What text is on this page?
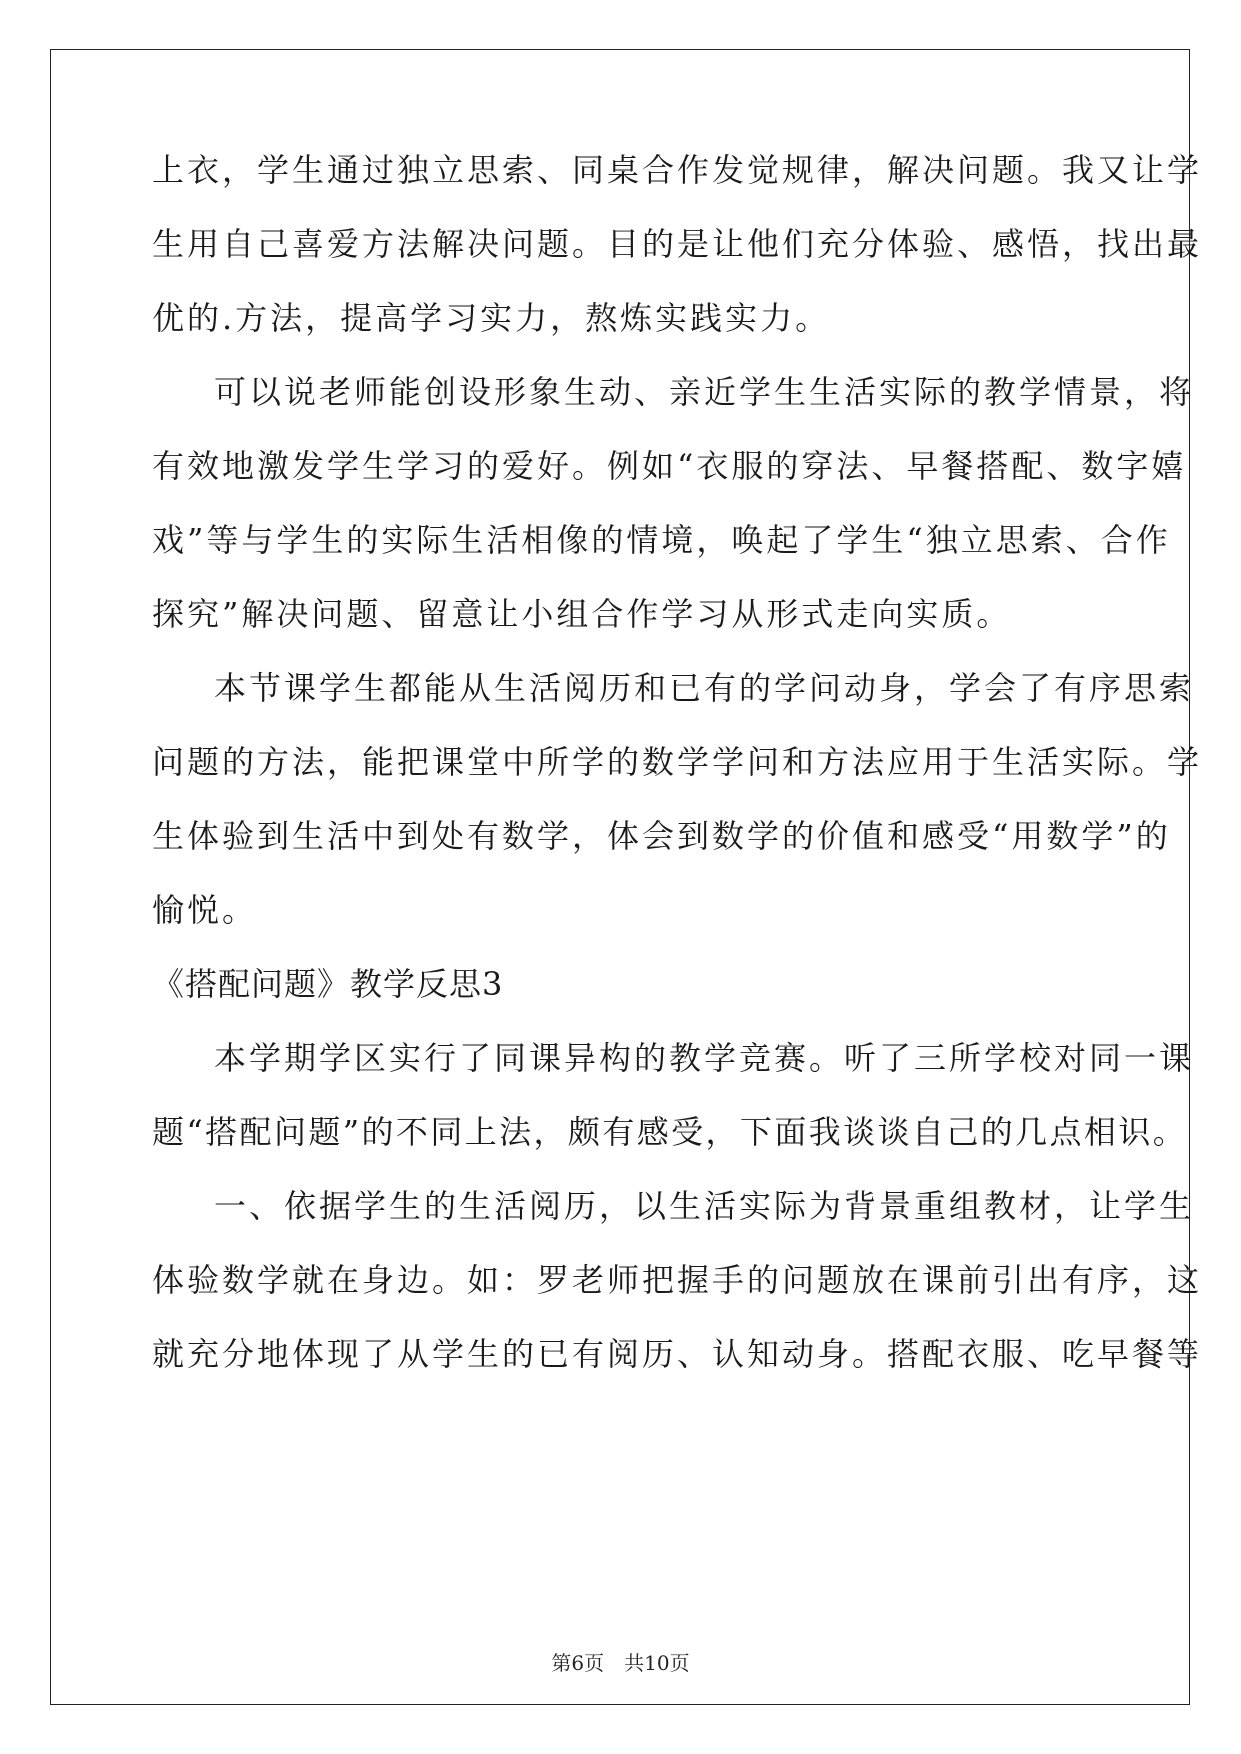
上衣，学生通过独立思索、同桌合作发觉规律，解决问题。我又让学
生用自己喜爱方法解决问题。目的是让他们充分体验、感悟，找出最
优的.方法，提高学习实力，熬炼实践实力。
可以说老师能创设形象生动、亲近学生生活实际的教学情景，将
有效地激发学生学习的爱好。例如“衣服的穿法、早餐搭配、数字嬉
戏”等与学生的实际生活相像的情境，唤起了学生“独立思索、合作
探究”解决问题、留意让小组合作学习从形式走向实质。
本节课学生都能从生活阅历和已有的学问动身，学会了有序思索
问题的方法，能把课堂中所学的数学学问和方法应用于生活实际。学
生体验到生活中到处有数学，体会到数学的价值和感受“用数学”的
愉悦。
《搭配问题》教学反思3
本学期学区实行了同课异构的教学竞赛。听了三所学校对同一课
题“搭配问题”的不同上法，颇有感受，下面我谈谈自己的几点相识。
一、依据学生的生活阅历，以生活实际为背景重组教材，让学生
体验数学就在身边。如：罗老师把握手的问题放在课前引出有序，这
就充分地体现了从学生的已有阅历、认知动身。搭配衣服、吃早餐等
第6页 共10页
